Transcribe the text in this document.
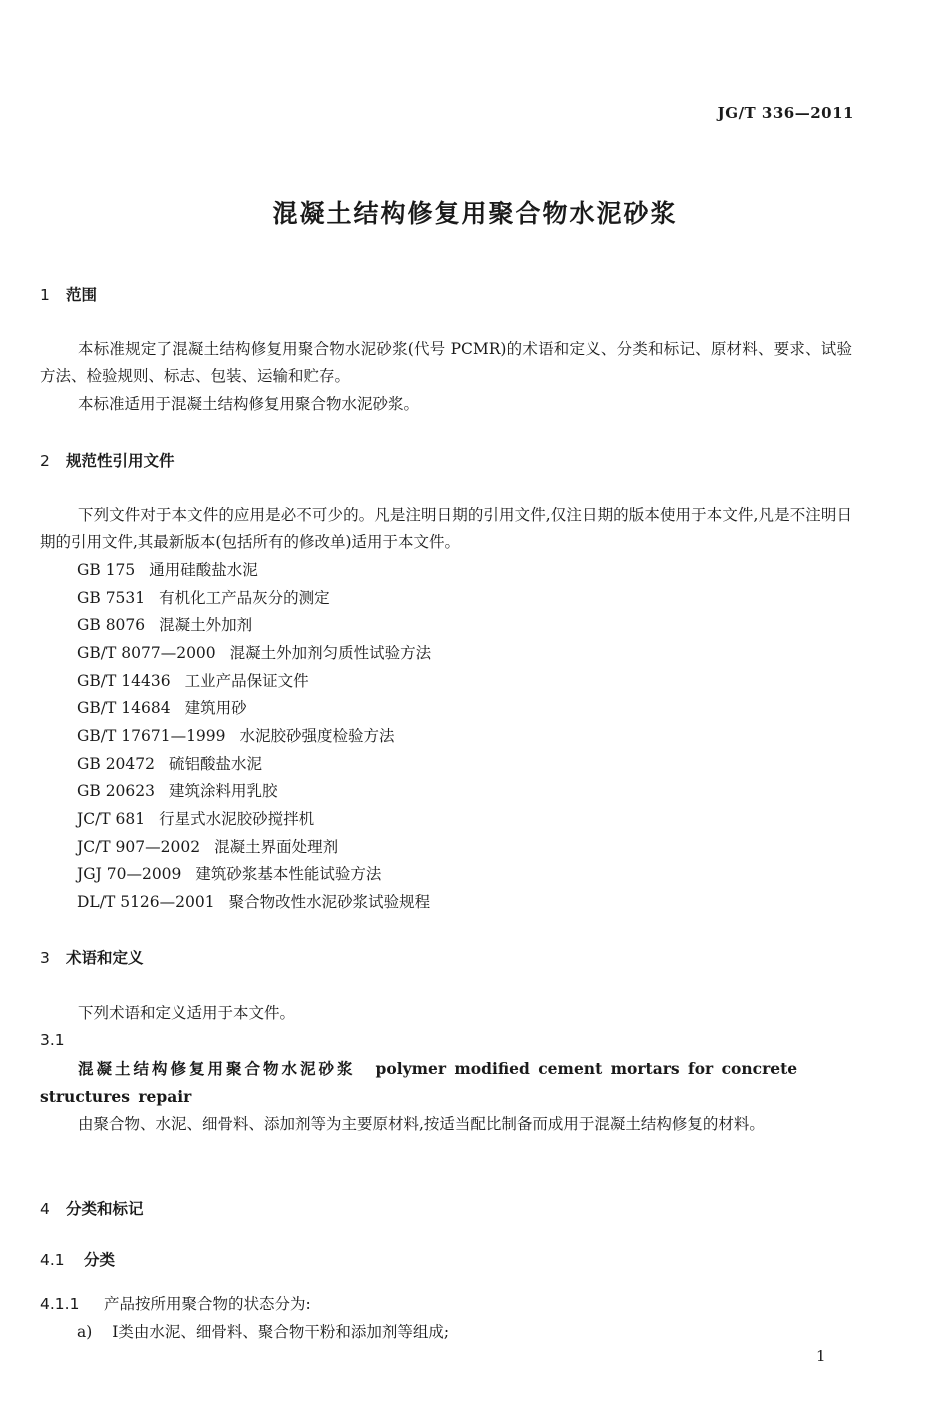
JG/T 336—2011
混凝土结构修复用聚合物水泥砂浆
1 范围
本标准规定了混凝土结构修复用聚合物水泥砂浆(代号 PCMR)的术语和定义、分类和标记、原材料、要求、试验方法、检验规则、标志、包装、运输和贮存。
本标准适用于混凝土结构修复用聚合物水泥砂浆。
2 规范性引用文件
下列文件对于本文件的应用是必不可少的。凡是注明日期的引用文件,仅注日期的版本使用于本文件,凡是不注明日期的引用文件,其最新版本(包括所有的修改单)适用于本文件。
GB 175 通用硅酸盐水泥
GB 7531 有机化工产品灰分的测定
GB 8076 混凝土外加剂
GB/T 8077—2000 混凝土外加剂匀质性试验方法
GB/T 14436 工业产品保证文件
GB/T 14684 建筑用砂
GB/T 17671—1999 水泥胶砂强度检验方法
GB 20472 硫铝酸盐水泥
GB 20623 建筑涂料用乳胶
JC/T 681 行星式水泥胶砂搅拌机
JC/T 907—2002 混凝土界面处理剂
JGJ 70—2009 建筑砂浆基本性能试验方法
DL/T 5126—2001 聚合物改性水泥砂浆试验规程
3 术语和定义
下列术语和定义适用于本文件。
3.1
混凝土结构修复用聚合物水泥砂浆 polymer modified cement mortars for concrete structures repair
由聚合物、水泥、细骨料、添加剂等为主要原材料,按适当配比制备而成用于混凝土结构修复的材料。
4 分类和标记
4.1 分类
4.1.1 产品按所用聚合物的状态分为:
a) Ⅰ类由水泥、细骨料、聚合物干粉和添加剂等组成;
1
